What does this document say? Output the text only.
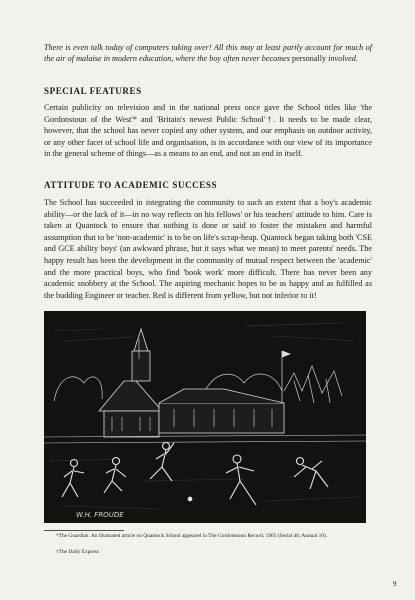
There is even talk today of computers taking over! All this may at least partly account for much of the air of malaise in modern education, where the boy often never becomes personally involved.
SPECIAL FEATURES

Certain publicity on television and in the national press once gave the School titles like 'the Gordonstoun of the West'* and 'Britain's newest Public School'†. It needs to be made clear, however, that the school has never copied any other system, and our emphasis on outdoor activity, or any other facet of school life and organisation, is in accordance with our view of its importance in the general scheme of things—as a means to an end, and not an end in itself.

ATTITUDE TO ACADEMIC SUCCESS

The School has succeeded in integrating the community to such an extent that a boy's academic ability—or the lack of it—in no way reflects on his fellows' or his teachers' attitude to him. Care is taken at Quantock to ensure that nothing is done or said to foster the mistaken and harmful assumption that to be 'non-academic' is to be on life's scrap-heap. Quantock began taking both 'CSE and GCE ability boys' (an awkward phrase, but it says what we mean) to meet parents' needs. The happy result has been the development in the community of mutual respect between the 'academic' and the more practical boys, who find 'book work' more difficult. There has never been any academic snobbery at the School. The aspiring mechanic hopes to be as happy and as fulfilled as the budding Engineer or teacher. Red is different from yellow, but not inferior to it!

W.H. FROUDE
*The Guardian. An illustrated article on Quantock School appeared in The Gordonstoun Record, 1965 (Serial 46; Annual 10).
†The Daily Express
9
